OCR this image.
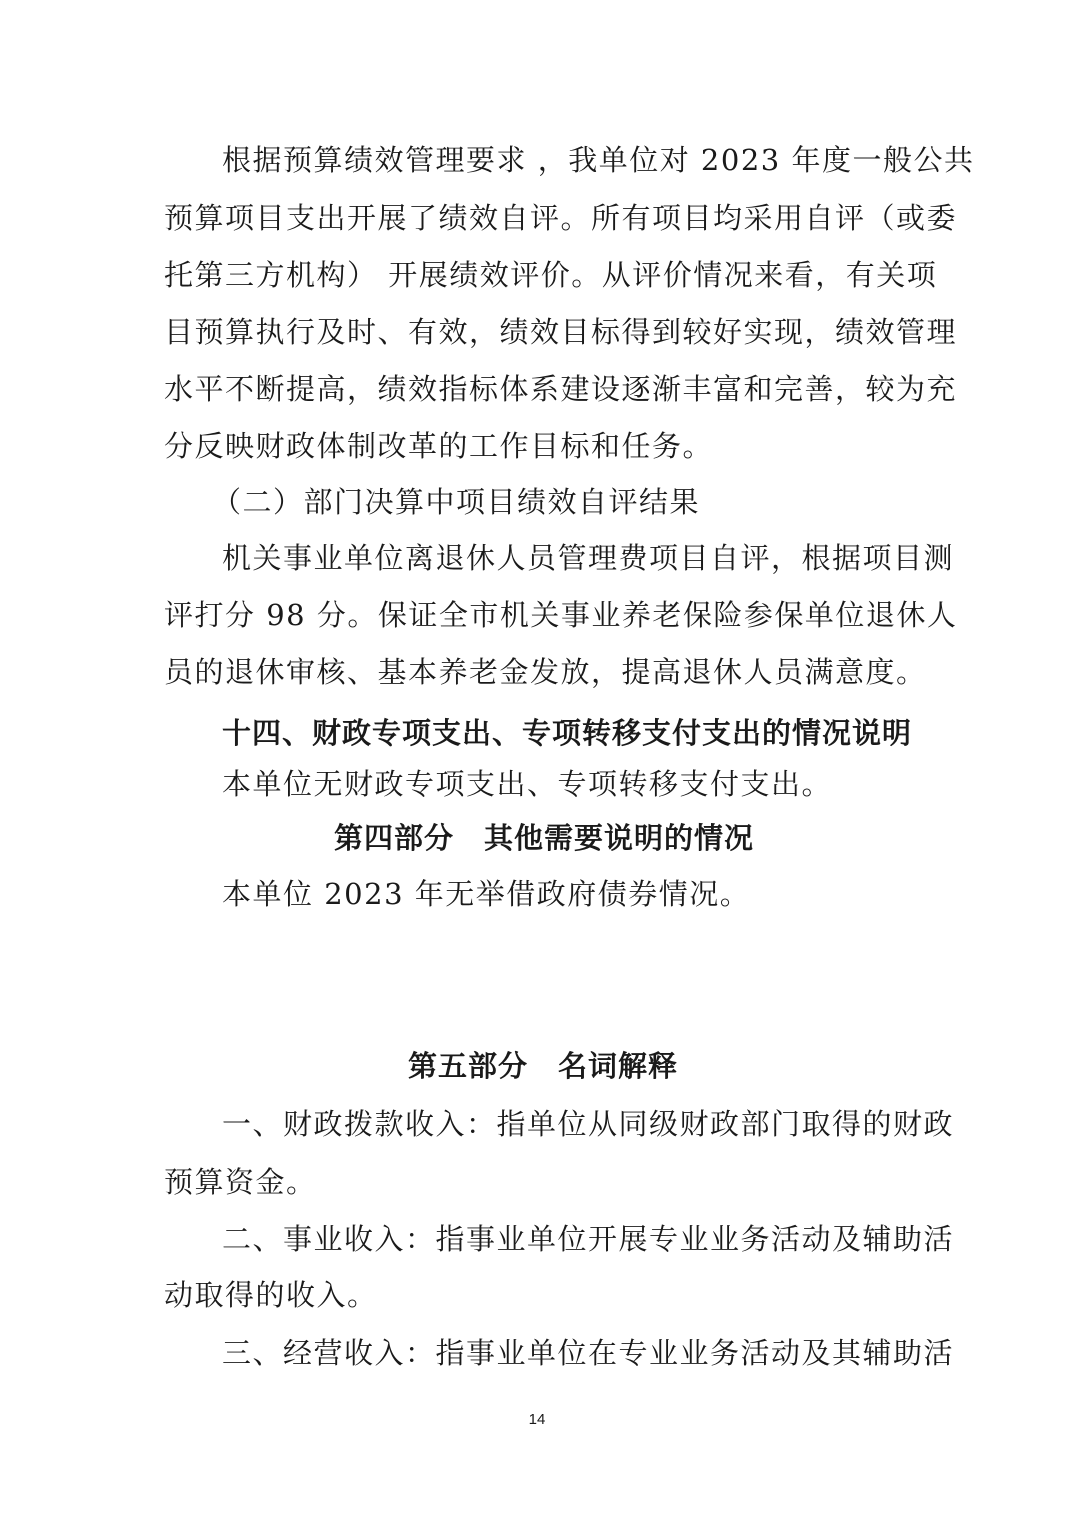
根据预算绩效管理要求 ，我单位对 2023 年度一般公共
预算项目支出开展了绩效自评。所有项目均采用自评（或委
托第三方机构） 开展绩效评价。从评价情况来看，有关项
目预算执行及时、有效，绩效目标得到较好实现，绩效管理
水平不断提高，绩效指标体系建设逐渐丰富和完善，较为充
分反映财政体制改革的工作目标和任务。
（二）部门决算中项目绩效自评结果
机关事业单位离退休人员管理费项目自评，根据项目测
评打分 98 分。保证全市机关事业养老保险参保单位退休人
员的退休审核、基本养老金发放，提高退休人员满意度。
十四、财政专项支出、专项转移支付支出的情况说明
本单位无财政专项支出、专项转移支付支出。
第四部分　其他需要说明的情况
本单位 2023 年无举借政府债券情况。
第五部分　名词解释
一、财政拨款收入：指单位从同级财政部门取得的财政
预算资金。
二、事业收入：指事业单位开展专业业务活动及辅助活
动取得的收入。
三、经营收入：指事业单位在专业业务活动及其辅助活
14
